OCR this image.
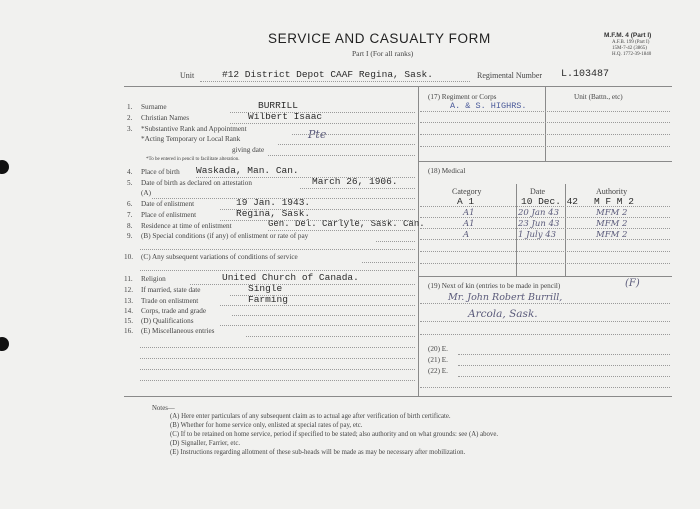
SERVICE AND CASUALTY FORM
Part I (For all ranks)
M.F.M. 4 (Part I)
A.F.B. 199 (Part I)
15M-7-42 (3865)
H.Q. 1772-39-1840
Unit	#12 District Depot CAAF Regina, Sask.	Regimental Number L.103487
1. Surname	BURRILL
2. Christian Names	Wilbert Isaac
3. *Substantive Rank and Appointment
*Acting Temporary or Local Rank	Pte
giving date
*To be entered in pencil to facilitate alteration.
4. Place of birth Waskada, Man. Can.
5. Date of birth as declared on attestation	March 26, 1906.
(A)
6. Date of enlistment	19 Jan. 1943.
7. Place of enlistment	Regina, Sask.
8. Residence at time of enlistment	Gen. Del. Carlyle, Sask. Can.
9. (B) Special conditions (if any) of enlistment or rate of pay
10. (C) Any subsequent variations of conditions of service
11. Religion	United Church of Canada.
12. If married, state date	Single
13. Trade on enlistment	Farming
14. Corps, trade and grade
15. (D) Qualifications
16. (E) Miscellaneous entries
(17) Regiment or Corps
A. & S. HIGHRS.
Unit (Battn., etc)
(18) Medical
Category	Date	Authority
A 1	10 Dec. 42 M F M 2
A1	20 Jan 43	MFM 2
A1	23 Jun 43	MFM 2
A	1 July 43	MFM 2
(19) Next of kin (entries to be made in pencil)	(F)
Mr. John Robert Burrill,
Arcola, Sask.
(20) E.
(21) E.
(22) E.
Notes—
(A) Here enter particulars of any subsequent claim as to actual age after verification of birth certificate.
(B) Whether for home service only, enlisted at special rates of pay, etc.
(C) If to be retained on home service, period if specified to be stated; also authority and on what grounds: see (A) above.
(D) Signaller, Farrier, etc.
(E) Instructions regarding allotment of these sub-heads will be made as may be necessary after mobilization.
